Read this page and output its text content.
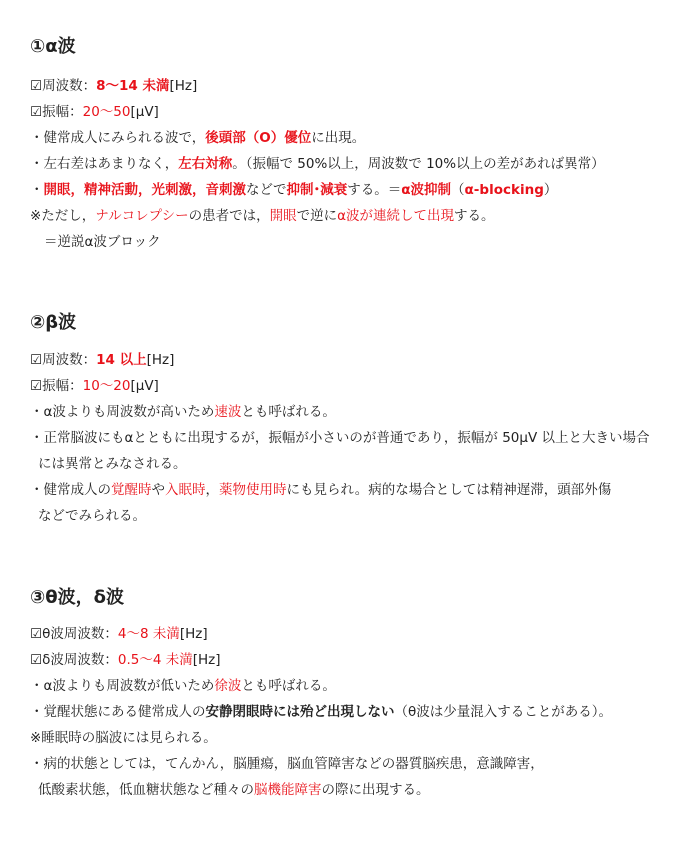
①α波
☑周波数：8～14 未満[Hz]
☑振幅：20～50[μV]
・健常成人にみられる波で，後頭部（O）優位に出現。
・左右差はあまりなく，左右対称。（振幅で 50%以上，周波数で 10%以上の差があれば異常）
・開眼，精神活動，光刺激，音刺激などで抑制･減衰する。＝α波抑制（α-blocking）
※ただし，ナルコレプシーの患者では，開眼で逆にα波が連続して出現する。
＝逆説α波ブロック
②β波
☑周波数：14 以上[Hz]
☑振幅：10～20[μV]
・α波よりも周波数が高いため速波とも呼ばれる。
・正常脳波にもαとともに出現するが，振幅が小さいのが普通であり，振幅が 50μV 以上と大きい場合
には異常とみなされる。
・健常成人の覚醒時や入眠時，薬物使用時にも見られ。病的な場合としては精神遅滞，頭部外傷
などでみられる。
③θ波，δ波
☑θ波周波数：4～8 未満[Hz]
☑δ波周波数：0.5～4 未満[Hz]
・α波よりも周波数が低いため徐波とも呼ばれる。
・覚醒状態にある健常成人の安静閉眼時には殆ど出現しない（θ波は少量混入することがある）。
※睡眠時の脳波には見られる。
・病的状態としては，てんかん，脳腫瘍，脳血管障害などの器質脳疾患，意識障害，
低酸素状態，低血糖状態など種々の脳機能障害の際に出現する。
